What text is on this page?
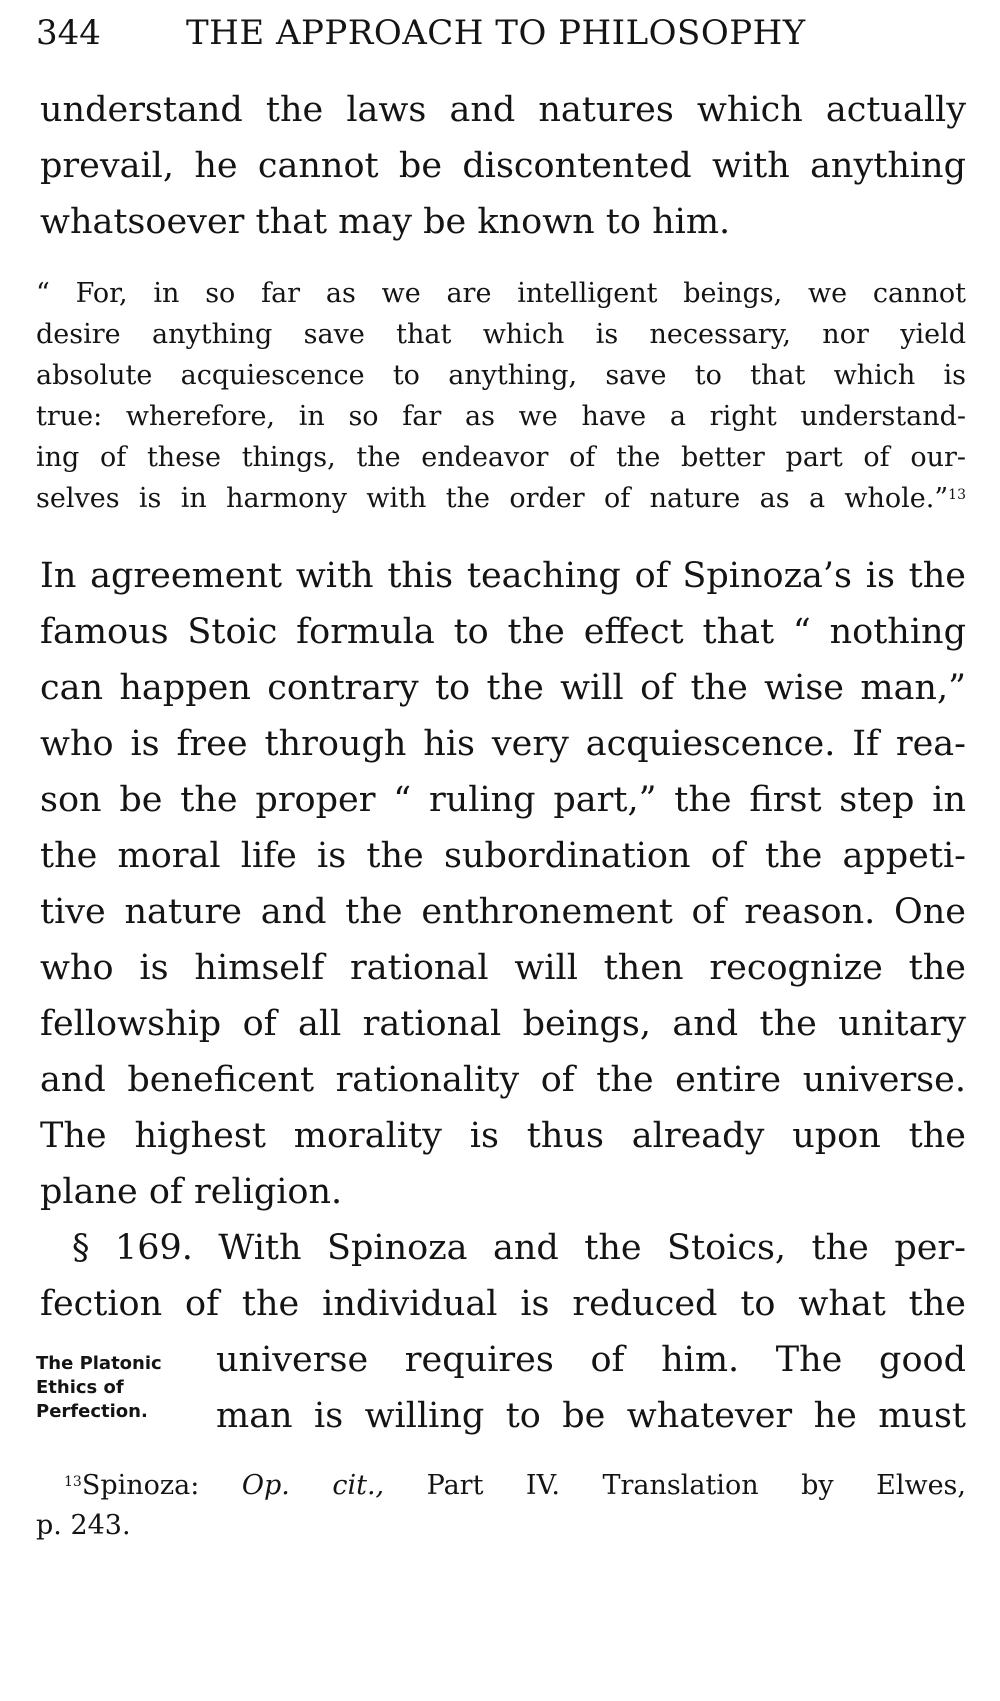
344	THE APPROACH TO PHILOSOPHY
understand the laws and natures which actually
prevail, he cannot be discontented with anything
whatsoever that may be known to him.
“ For, in so far as we are intelligent beings, we cannot
desire anything save that which is necessary, nor yield
absolute acquiescence to anything, save to that which is
true: wherefore, in so far as we have a right understand-
ing of these things, the endeavor of the better part of our-
selves is in harmony with the order of nature as a whole.”$^{13}$
In agreement with this teaching of Spinoza’s is the
famous Stoic formula to the effect that “ nothing
can happen contrary to the will of the wise man,”
who is free through his very acquiescence. If rea-
son be the proper “ ruling part,” the first step in
the moral life is the subordination of the appeti-
tive nature and the enthronement of reason. One
who is himself rational will then recognize the
fellowship of all rational beings, and the unitary
and beneficent rationality of the entire universe.
The highest morality is thus already upon the
plane of religion.
§ 169. With Spinoza and the Stoics, the per-
fection of the individual is reduced to what the
universe requires of him. The good
man is willing to be whatever he must
The Platonic
Ethics of
Perfection.
$^{13}$Spinoza: Op. cit., Part IV. Translation by Elwes,
p. 243.
